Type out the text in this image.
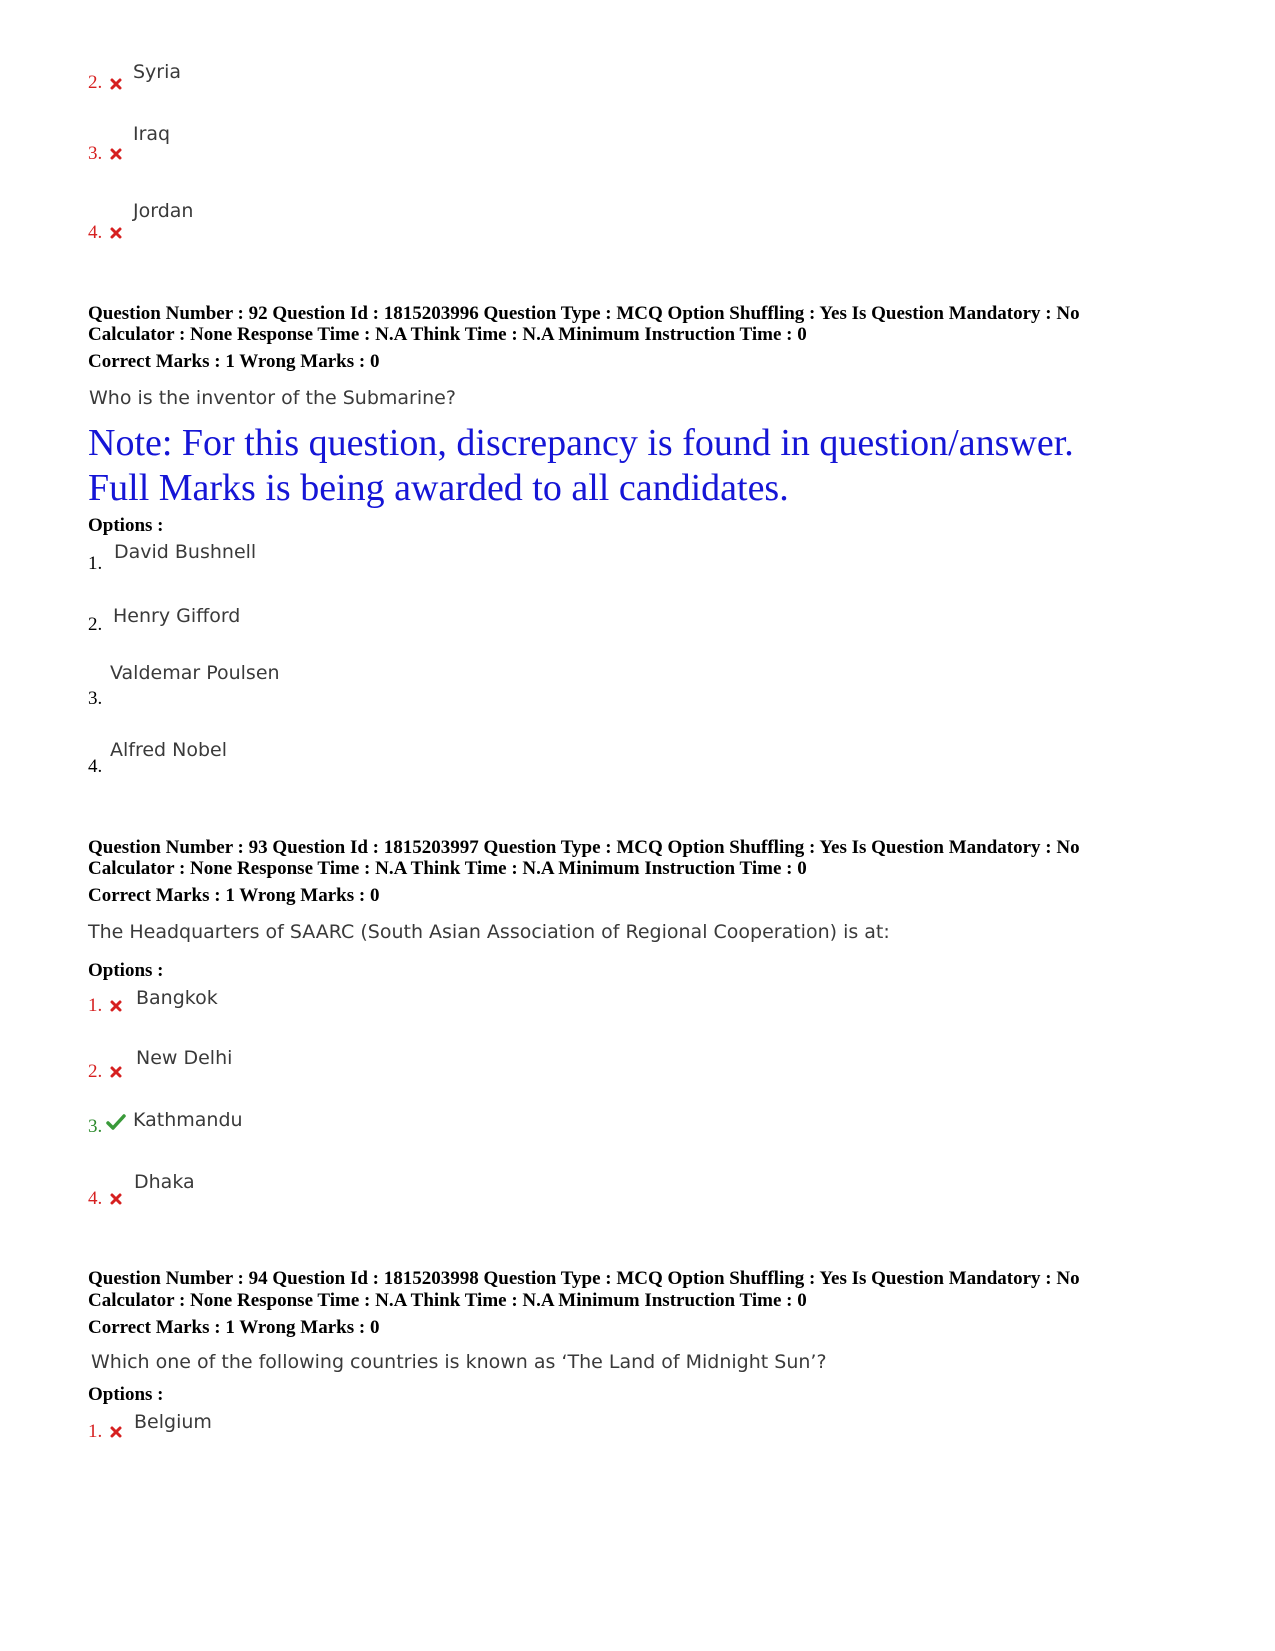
2. Syria
3.
Iraq
4.
Jordan
Question Number : 92 Question Id : 1815203996 Question Type : MCQ Option Shuffling : Yes Is Question Mandatory : No
Calculator : None Response Time : N.A Think Time : N.A Minimum Instruction Time : 0
Correct Marks : 1 Wrong Marks : 0
Who is the inventor of the Submarine?
Note: For this question, discrepancy is found in question/answer.
Full Marks is being awarded to all candidates.
Options :
1.
David Bushnell
2. Henry Gifford
3.
Valdemar Poulsen
4.
Alfred Nobel
Question Number : 93 Question Id : 1815203997 Question Type : MCQ Option Shuffling : Yes Is Question Mandatory : No
Calculator : None Response Time : N.A Think Time : N.A Minimum Instruction Time : 0
Correct Marks : 1 Wrong Marks : 0
The Headquarters of SAARC (South Asian Association of Regional Cooperation) is at:
Options :
1. Bangkok
2.
New Delhi
3. Kathmandu
4.
Dhaka
Question Number : 94 Question Id : 1815203998 Question Type : MCQ Option Shuffling : Yes Is Question Mandatory : No
Calculator : None Response Time : N.A Think Time : N.A Minimum Instruction Time : 0
Correct Marks : 1 Wrong Marks : 0
Which one of the following countries is known as ‘The Land of Midnight Sun’?
Options :
1. Belgium
